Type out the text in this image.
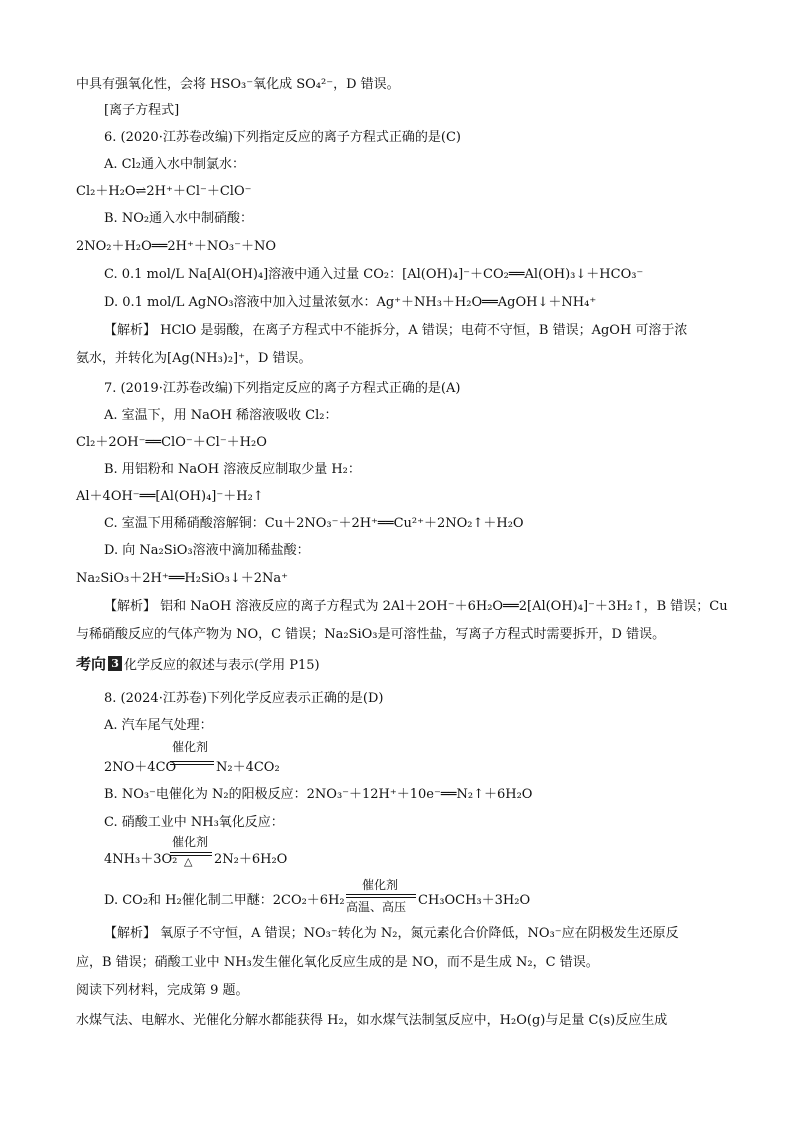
中具有强氧化性，会将 HSO₃⁻氧化成 SO₄²⁻，D 错误。
[离子方程式]
6. (2020·江苏卷改编)下列指定反应的离子方程式正确的是(C)
A. Cl₂通入水中制氯水：
Cl₂＋H₂O⇌2H⁺＋Cl⁻＋ClO⁻
B. NO₂通入水中制硝酸：
2NO₂＋H₂O══2H⁺＋NO₃⁻＋NO
C. 0.1 mol/L Na[Al(OH)₄]溶液中通入过量 CO₂：[Al(OH)₄]⁻＋CO₂══Al(OH)₃↓＋HCO₃⁻
D. 0.1 mol/L AgNO₃溶液中加入过量浓氨水：Ag⁺＋NH₃＋H₂O══AgOH↓＋NH₄⁺
【解析】 HClO 是弱酸，在离子方程式中不能拆分，A 错误；电荷不守恒，B 错误；AgOH 可溶于浓
氨水，并转化为[Ag(NH₃)₂]⁺，D 错误。
7. (2019·江苏卷改编)下列指定反应的离子方程式正确的是(A)
A. 室温下，用 NaOH 稀溶液吸收 Cl₂：
Cl₂＋2OH⁻══ClO⁻＋Cl⁻＋H₂O
B. 用铝粉和 NaOH 溶液反应制取少量 H₂：
Al＋4OH⁻══[Al(OH)₄]⁻＋H₂↑
C. 室温下用稀硝酸溶解铜：Cu＋2NO₃⁻＋2H⁺══Cu²⁺＋2NO₂↑＋H₂O
D. 向 Na₂SiO₃溶液中滴加稀盐酸：
Na₂SiO₃＋2H⁺══H₂SiO₃↓＋2Na⁺
【解析】 铝和 NaOH 溶液反应的离子方程式为 2Al＋2OH⁻＋6H₂O══2[Al(OH)₄]⁻＋3H₂↑，B 错误；Cu
与稀硝酸反应的气体产物为 NO，C 错误；Na₂SiO₃是可溶性盐，写离子方程式时需要拆开，D 错误。
考向 3 化学反应的叙述与表示(学用 P15)
8. (2024·江苏卷)下列化学反应表示正确的是(D)
A. 汽车尾气处理：
2NO＋4CO
催化剂
N₂＋4CO₂
B. NO₃⁻电催化为 N₂的阳极反应：2NO₃⁻＋12H⁺＋10e⁻══N₂↑＋6H₂O
C. 硝酸工业中 NH₃氧化反应：
4NH₃＋3O₂
催化剂
△ 2N₂＋6H₂O
D. CO₂和 H₂催化制二甲醚：2CO₂＋6H₂
催化剂
高温、高压 CH₃OCH₃＋3H₂O
【解析】 氧原子不守恒，A 错误；NO₃⁻转化为 N₂，氮元素化合价降低，NO₃⁻应在阴极发生还原反
应，B 错误；硝酸工业中 NH₃发生催化氧化反应生成的是 NO，而不是生成 N₂，C 错误。
阅读下列材料，完成第 9 题。
水煤气法、电解水、光催化分解水都能获得 H₂，如水煤气法制氢反应中，H₂O(g)与足量 C(s)反应生成
